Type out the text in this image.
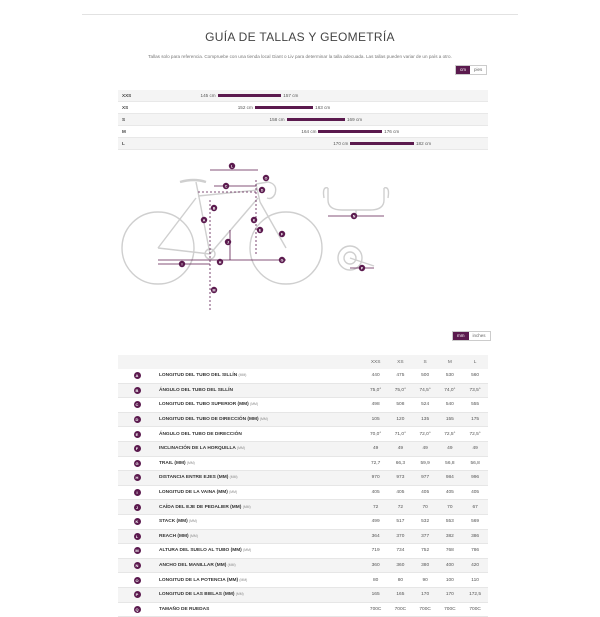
GUÍA DE TALLAS Y GEOMETRÍA
Tallas solo para referencia. Compruebe con una tienda local Giant o Liv para determinar la talla adecuada. Las tallas pueden variar de un país a otro.
cm	pies
XXS	145 cm	157 cm
XS	152 cm	163 cm
S	158 cm	169 cm
M	164 cm	176 cm
L	170 cm	182 cm
A
B
C
D
E
F
G
H
I
J
K
L
M
N
O
P
mm	inches
		XXS	XS	S	M	L
A	LONGITUD DEL TUBO DEL SILLÍN (MM)	440	475	500	530	560
B	ÁNGULO DEL TUBO DEL SILLÍN	75,0°	75,0°	74,5°	74,0°	73,5°
C	LONGITUD DEL TUBO SUPERIOR (MM) (MM)	498	508	524	540	555
D	LONGITUD DEL TUBO DE DIRECCIÓN (MM) (MM)	105	120	135	155	175
E	ÁNGULO DEL TUBO DE DIRECCIÓN	70,0°	71,0°	72,0°	72,5°	72,5°
F	INCLINACIÓN DE LA HORQUILLA (MM)	49	49	49	49	49
G	TRAIL (MM) (MM)	72,7	66,3	59,9	56,8	56,8
H	DISTANCIA ENTRE EJES (MM) (MM)	970	973	977	984	996
I	LONGITUD DE LA VAINA (MM) (MM)	405	405	405	405	405
J	CAÍDA DEL EJE DE PEDALIER (MM) (MM)	72	72	70	70	67
K	STACK (MM) (MM)	499	517	532	553	569
L	REACH (MM) (MM)	364	370	377	382	386
M	ALTURA DEL SUELO AL TUBO (MM) (MM)	719	734	752	768	786
N	ANCHO DEL MANILLAR (MM) (MM)	360	360	380	400	420
O	LONGITUD DE LA POTENCIA (MM) (MM)	80	80	90	100	110
P	LONGITUD DE LAS BIELAS (MM) (MM)	165	165	170	170	172,5
Q	TAMAÑO DE RUEDAS	700C	700C	700C	700C	700C
